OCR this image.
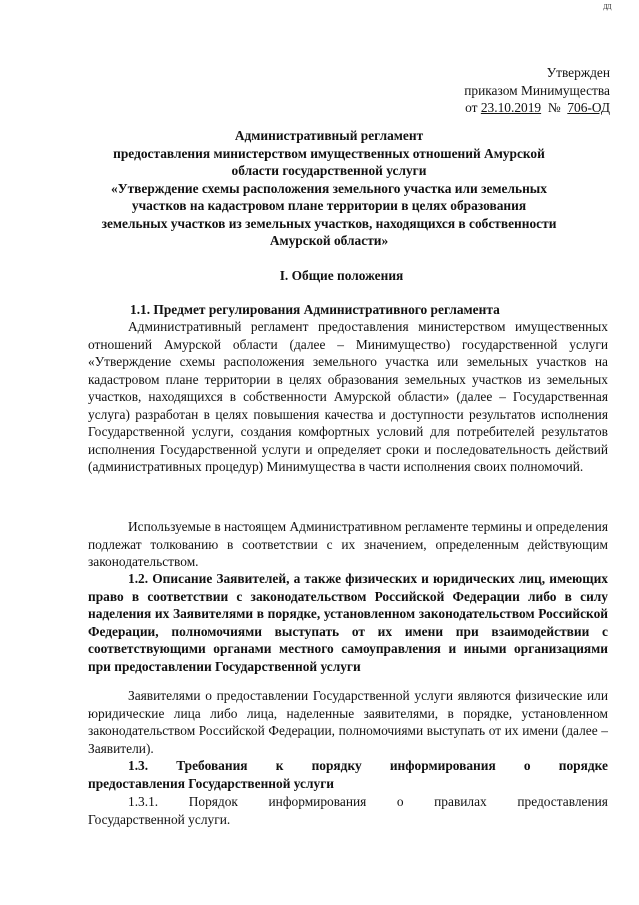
ДД
Утвержден
приказом Минимущества
от 23.10.2019 № 706-ОД
Административный регламент
предоставления министерством имущественных отношений Амурской
области государственной услуги
«Утверждение схемы расположения земельного участка или земельных
участков на кадастровом плане территории в целях образования
земельных участков из земельных участков, находящихся в собственности
Амурской области»
I. Общие положения
1.1. Предмет регулирования Административного регламента
Административный регламент предоставления министерством имущественных отношений Амурской области (далее – Минимущество) государственной услуги «Утверждение схемы расположения земельного участка или земельных участков на кадастровом плане территории в целях образования земельных участков из земельных участков, находящихся в собственности Амурской области» (далее – Государственная услуга) разработан в целях повышения качества и доступности результатов исполнения Государственной услуги, создания комфортных условий для потребителей результатов исполнения Государственной услуги и определяет сроки и последовательность действий (административных процедур) Минимущества в части исполнения своих полномочий.
Используемые в настоящем Административном регламенте термины и определения подлежат толкованию в соответствии с их значением, определенным действующим законодательством.
1.2. Описание Заявителей, а также физических и юридических лиц, имеющих право в соответствии с законодательством Российской Федерации либо в силу наделения их Заявителями в порядке, установленном законодательством Российской Федерации, полномочиями выступать от их имени при взаимодействии с соответствующими органами местного самоуправления и иными организациями при предоставлении Государственной услуги
Заявителями о предоставлении Государственной услуги являются физические или юридические лица либо лица, наделенные заявителями, в порядке, установленном законодательством Российской Федерации, полномочиями выступать от их имени (далее – Заявители).
1.3. Требования к порядку информирования о порядке
предоставления Государственной услуги
1.3.1. Порядок информирования о правилах предоставления
Государственной услуги.
